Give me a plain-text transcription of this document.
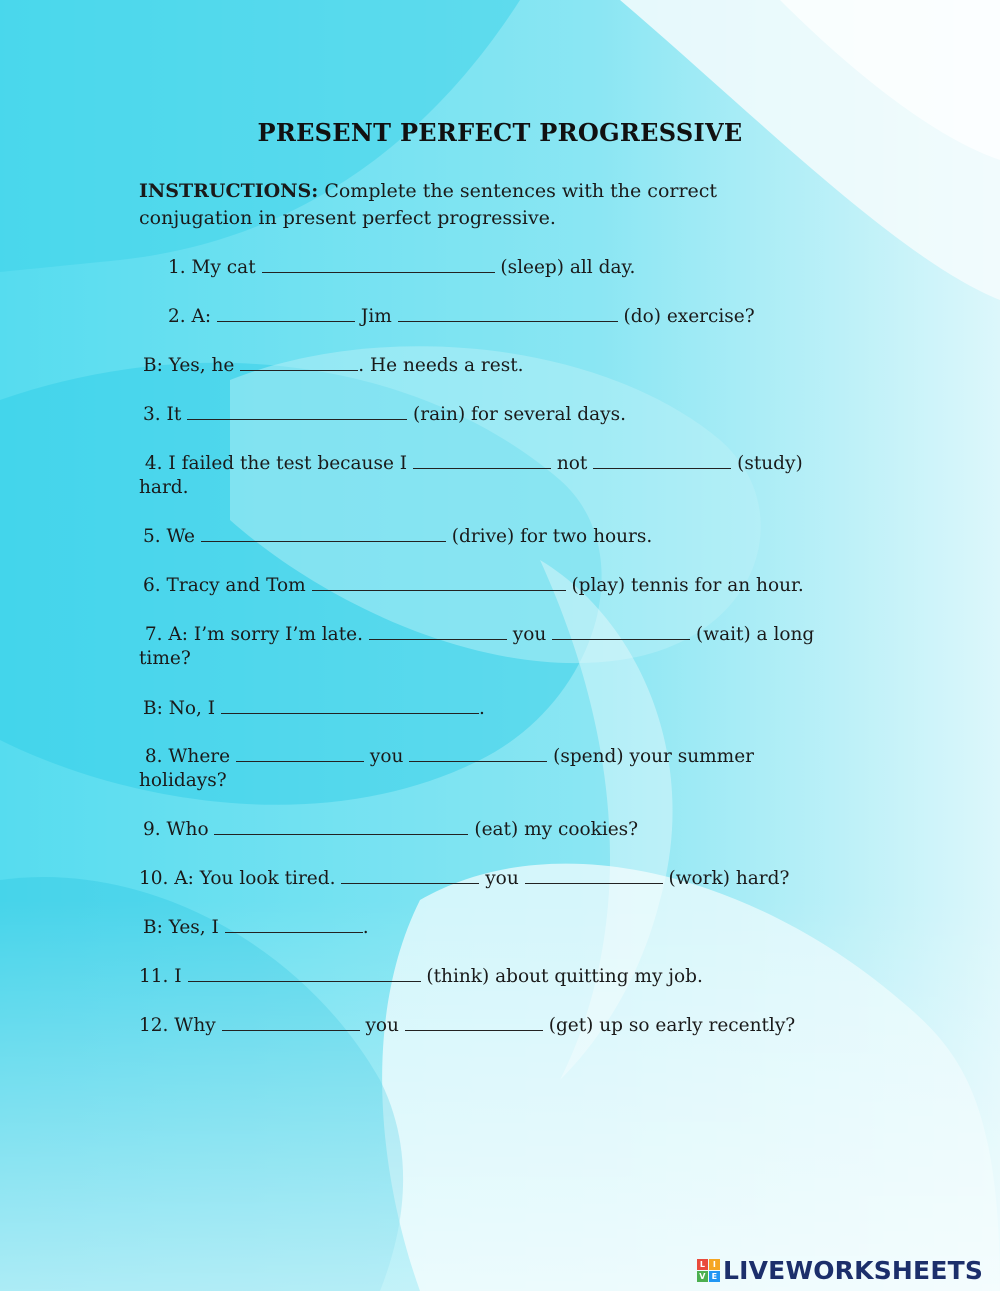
PRESENT PERFECT PROGRESSIVE
INSTRUCTIONS: Complete the sentences with the correct conjugation in present perfect progressive.
1. My cat	(sleep) all day.
2. A:	Jim	(do) exercise?
B: Yes, he	. He needs a rest.
3. It	(rain) for several days.
4. I failed the test because I	not	(study) hard.
5. We	(drive) for two hours.
6. Tracy and Tom	(play) tennis for an hour.
7. A: I’m sorry I’m late.	you	(wait) a long time?
B: No, I	.
8. Where	you	(spend) your summer holidays?
9. Who	(eat) my cookies?
10. A: You look tired.	you	(work) hard?
B: Yes, I	.
11. I	(think) about quitting my job.
12. Why	you	(get) up so early recently?
L I
V E LIVEWORKSHEETS
